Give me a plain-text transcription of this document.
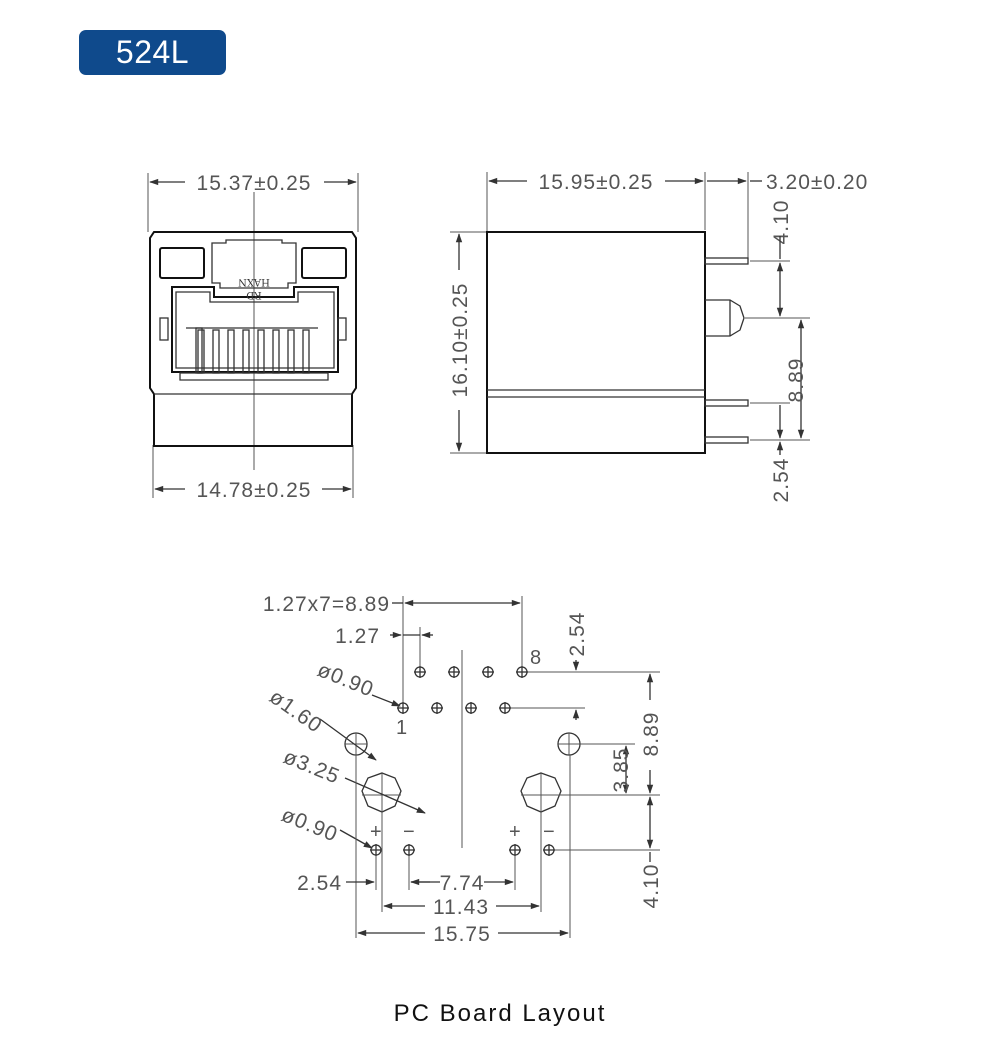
524L
15.37±0.25
14.78±0.25
HAXN
RD
15.95±0.25	3.20±0.20
16.10±0.25
4.10
8.89
2.54
1.27x7=8.89
1.27
1
8
2.54
+ −	+ −
ø0.90
ø1.60
ø3.25
ø0.90
2.54	7.74
11.43
15.75
3.85
8.89
4.10
PC Board Layout
